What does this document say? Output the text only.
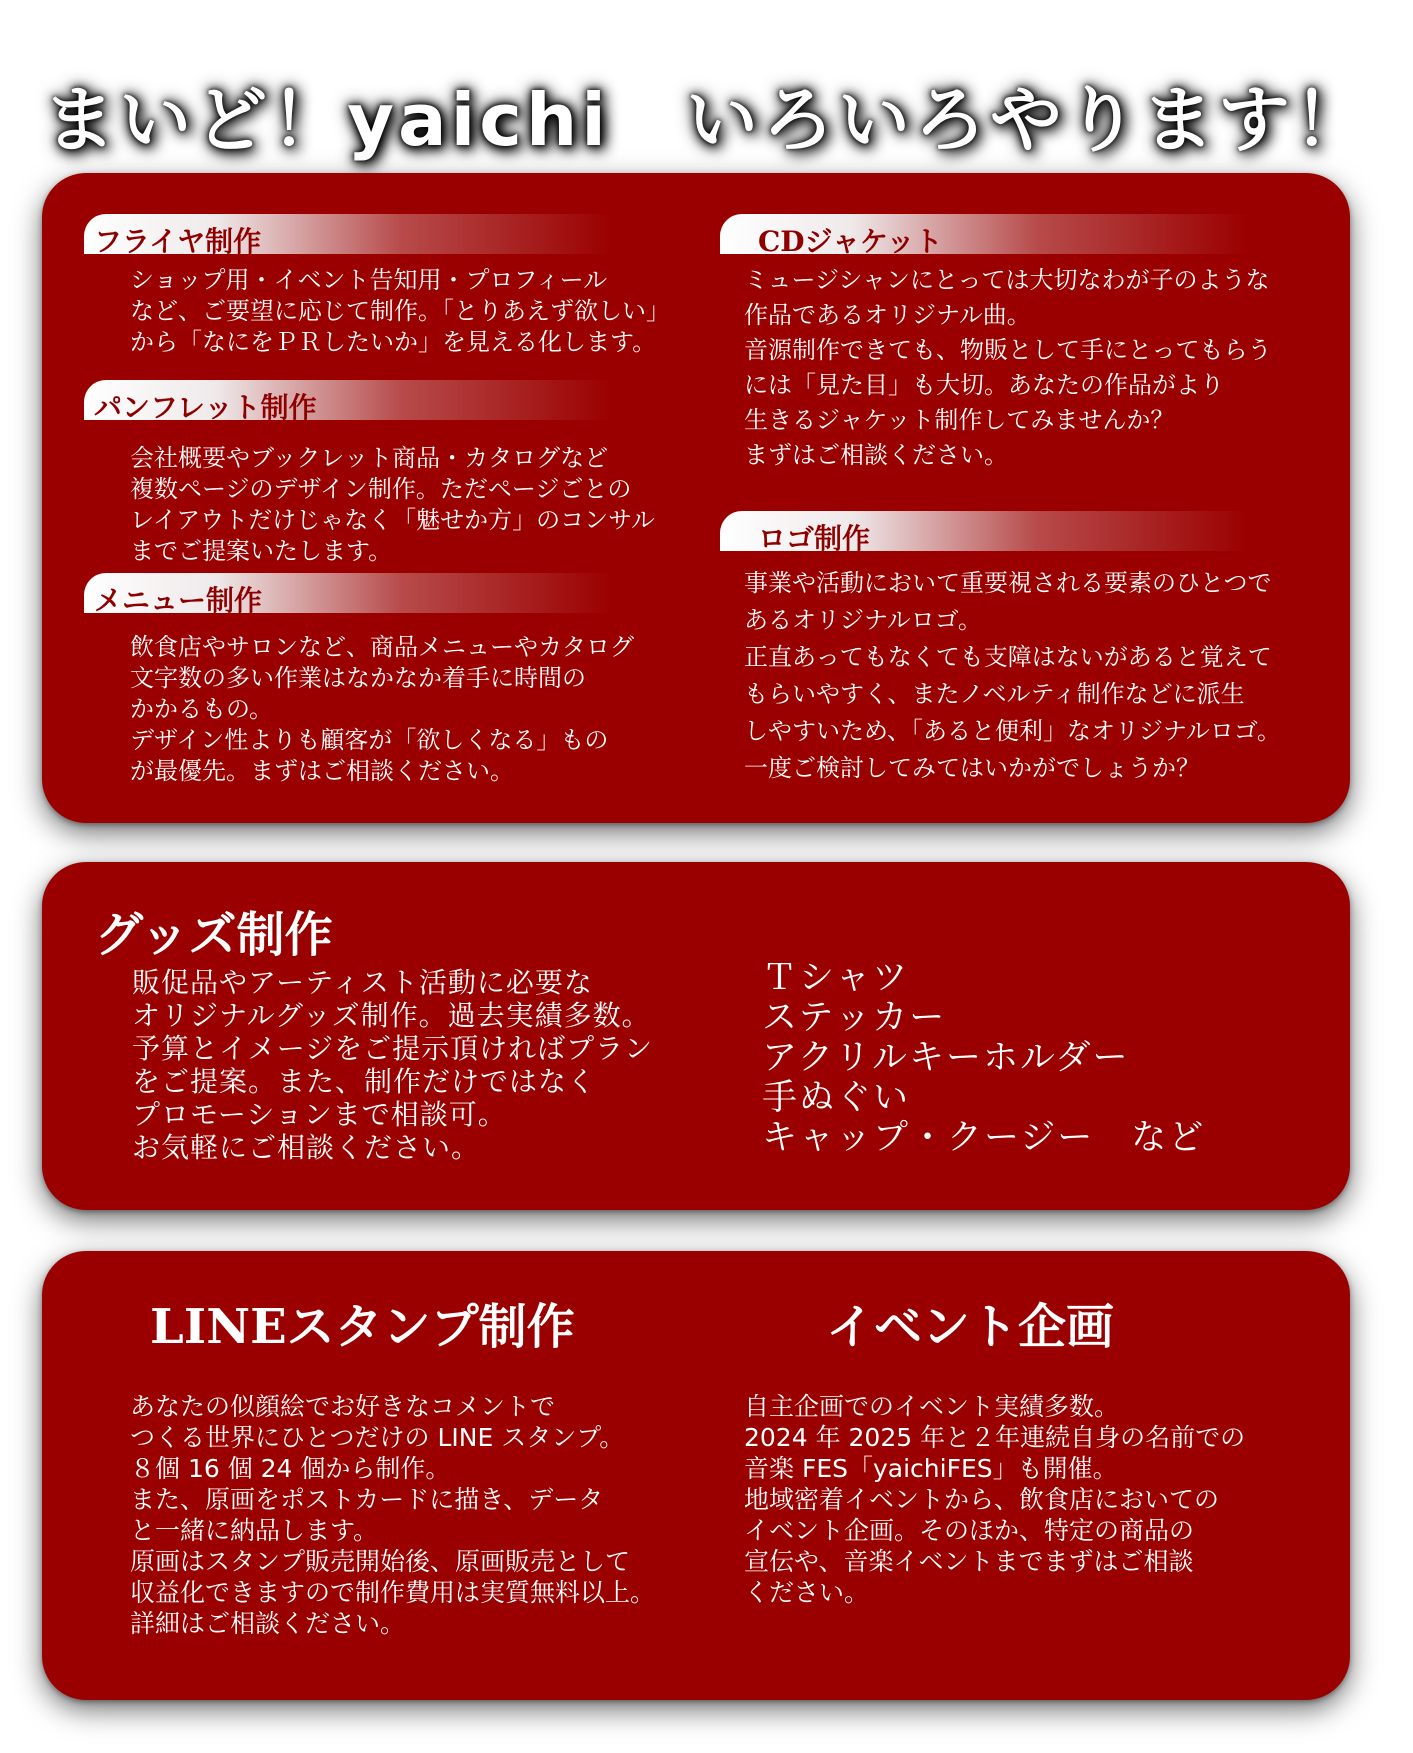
まいど！yaichi　いろいろやります！
フライヤ制作

ショップ用・イベント告知用・プロフィール
など、ご要望に応じて制作。「とりあえず欲しい」
から「なにをＰＲしたいか」を見える化します。

パンフレット制作

会社概要やブックレット商品・カタログなど
複数ページのデザイン制作。ただページごとの
レイアウトだけじゃなく「魅せか方」のコンサル
までご提案いたします。

メニュー制作

飲食店やサロンなど、商品メニューやカタログ
文字数の多い作業はなかなか着手に時間の
かかるもの。
デザイン性よりも顧客が「欲しくなる」もの
が最優先。まずはご相談ください。

CDジャケット

ミュージシャンにとっては大切なわが子のような
作品であるオリジナル曲。
音源制作できても、物販として手にとってもらう
には「見た目」も大切。あなたの作品がより
生きるジャケット制作してみませんか？
まずはご相談ください。

ロゴ制作

事業や活動において重要視される要素のひとつで
あるオリジナルロゴ。
正直あってもなくても支障はないがあると覚えて
もらいやすく、またノベルティ制作などに派生
しやすいため、「あると便利」なオリジナルロゴ。
一度ご検討してみてはいかがでしょうか？

グッズ制作

販促品やアーティスト活動に必要な
オリジナルグッズ制作。過去実績多数。
予算とイメージをご提示頂ければプラン
をご提案。また、制作だけではなく
プロモーションまで相談可。
お気軽にご相談ください。

Ｔシャツ
ステッカー
アクリルキーホルダー
手ぬぐい
キャップ・クージー　など
LINEスタンプ制作

あなたの似顔絵でお好きなコメントで
つくる世界にひとつだけの LINE スタンプ。
８個 16 個 24 個から制作。
また、原画をポストカードに描き、データ
と一緒に納品します。
原画はスタンプ販売開始後、原画販売として
収益化できますので制作費用は実質無料以上。
詳細はご相談ください。

イベント企画

自主企画でのイベント実績多数。
2024 年 2025 年と２年連続自身の名前での
音楽 FES「yaichiFES」も開催。
地域密着イベントから、飲食店においての
イベント企画。そのほか、特定の商品の
宣伝や、音楽イベントまでまずはご相談
ください。
